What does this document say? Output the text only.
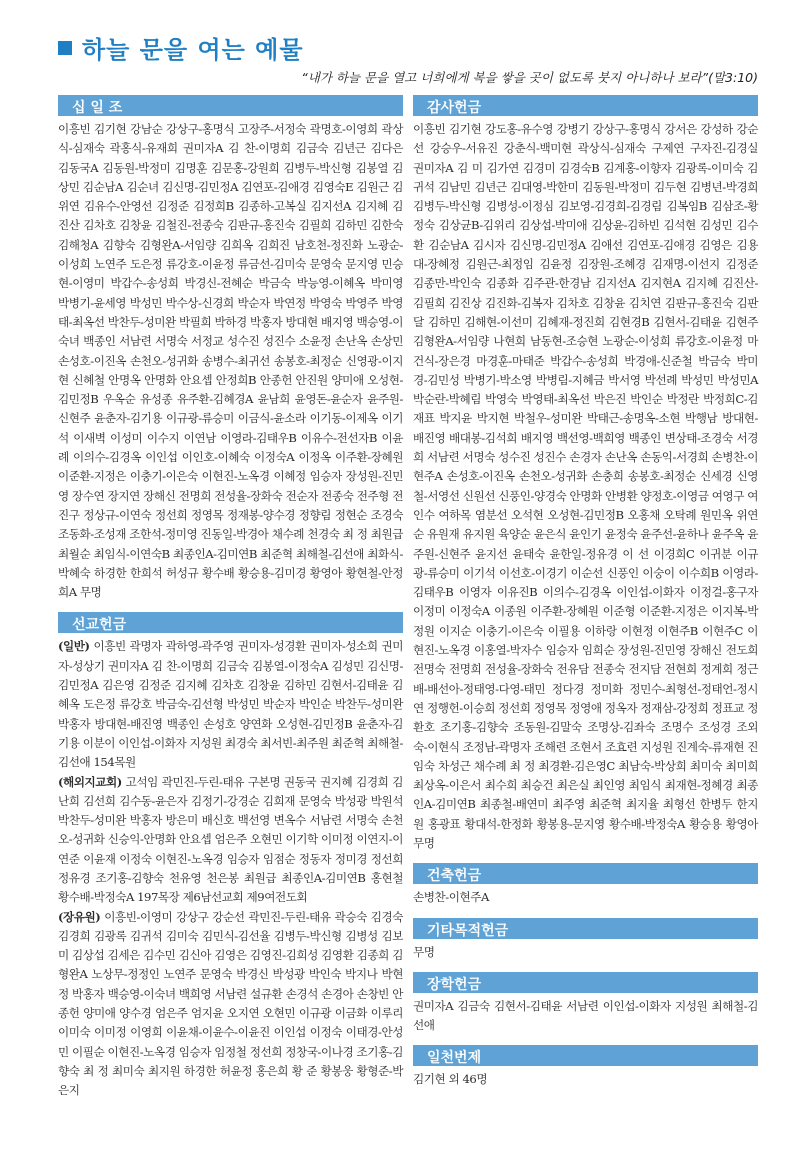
하늘 문을 여는 예물
“내가 하늘 문을 열고 너희에게 복을 쌓을 곳이 없도록 붓지 아니하나 보라”(말3:10)
십 일 조
이흥빈 김기현 강남순 강상구-홍명식 고장주-서정숙 곽명호-이영희 곽상식-심재숙 곽홍식-유재희 권미자A 김 찬-이명희 김금숙 김년근 김다은 김동국A 김동원-박정미 김명훈 김문홍-강원희 김병두-박신형 김봉열 김상민 김순남A 김순녀 김신명-김민정A 김연포-김애경 김영숙E 김원근 김위연 김유수-안영선 김정준 김정희B 김종하-고복실 김지선A 김지혜 김진산 김차호 김창윤 김철진-전종숙 김판규-홍진숙 김필희 김하민 김한숙 김해청A 김향숙 김형완A-서임량 김희옥 김희진 남호천-정진화 노광순-이성희 노연주 도은정 류강호-이윤정 류금선-김미숙 문영숙 문지영 민승현-이영미 박갑수-송성희 박경신-전혜순 박금숙 박능영-이혜옥 박미영 박병기-윤세영 박성민 박수상-신경희 박순자 박연정 박영숙 박영주 박영태-최옥선 박찬두-성미완 박필희 박하경 박홍자 방대현 배지영 백승영-이숙녀 백종인 서남련 서명숙 서정교 성수진 성진수 소윤정 손난옥 손상민 손성호-이진옥 손천오-성귀화 송병수-최귀선 송봉호-최정순 신영광-이지현 신혜철 안명옥 안명화 안요셉 안정희B 안종헌 안진원 양미애 오성현-김민정B 우옥순 유성종 유주환-김혜경A 윤남희 윤영돈-윤순자 윤주원-신현주 윤춘자-김기용 이규광-류승미 이금식-윤소라 이기동-이제옥 이기석 이새벽 이성미 이수지 이연남 이영라-김태우B 이유수-전선자B 이윤례 이의수-김경옥 이인섭 이인호-이혜숙 이정숙A 이정옥 이주환-장혜원 이준환-지정은 이충기-이은숙 이현진-노옥경 이혜정 임승자 장성원-진민영 장수연 장지연 장해신 전명희 전성율-장화숙 전순자 전종숙 전주형 전진구 정상규-이연숙 정선희 정영목 정재봉-양수경 정향림 정현순 조경숙 조동화-조성재 조한석-정미영 진동일-박경아 채수례 천경숙 최 정 최원급 최월순 최임식-이연숙B 최종인A-김미연B 최준혁 최해철-김선애 최화식-박혜숙 하경한 한희석 허성규 황수배 황승용-김미경 황영아 황현철-안정희A 무명
선교헌금
(일반) 이흥빈 곽명자 곽하영-곽주영 권미자-성경환 권미자-성소희 권미자-성상기 권미자A 김 찬-이명희 김금숙 김봉열-이정숙A 김성민 김신명-김민정A 김은영 김정준 김지혜 김차호 김창윤 김하민 김현서-김태윤 김혜옥 도은정 류강호 박금숙-김선형 박성민 박순자 박인순 박찬두-성미완 박홍자 방대현-배진영 백종인 손성호 양연화 오성현-김민정B 윤춘자-김기용 이분이 이인섭-이화자 지성원 최경숙 최서빈-최주원 최준혁 최해철-김선애 154목원
(해외지교회) 고석임 곽민진-두린-태유 구본명 권동국 권지혜 김경희 김난희 김선희 김수동-윤은자 김정기-강경순 김희재 문영숙 박성광 박원석 박찬두-성미완 박홍자 방은미 배신호 백선영 변옥수 서남련 서명숙 손천오-성귀화 신승익-안명화 안요셉 엄은주 오현민 이기학 이미정 이연지-이연준 이윤재 이정숙 이현진-노옥경 임승자 임점순 정동자 정미경 정선희 정유경 조기홍-김향숙 천유영 천은봉 최원급 최종인A-김미연B 홍현철 황수배-박정숙A 197목장 제6남선교회 제9여전도회
(장유원) 이흥빈-이영미 강상구 강순선 곽민진-두린-태유 곽승숙 김경숙 김경희 김광록 김귀석 김미숙 김민식-김선율 김병두-박신형 김병성 김보미 김상섭 김세은 김수민 김신아 김영은 김영진-김희성 김영환 김종희 김형완A 노상무-정정인 노연주 문영숙 박경신 박성광 박인숙 박지나 박현정 박홍자 백승영-이숙녀 백희영 서남련 설규환 손경석 손경아 손창빈 안종헌 양미애 양수경 엄은주 엄지윤 오지연 오현민 이규광 이금화 이루리 이미숙 이미정 이영희 이윤채-이윤수-이윤진 이인섭 이정숙 이태경-안성민 이필순 이현진-노옥경 임승자 임정철 정선희 정창국-이나경 조기홍-김향숙 최 정 최미숙 최지원 하경한 허윤정 홍은희 황 준 황봉웅 황형준-박은지
감사헌금
이흥빈 김기현 강도홍-유수영 강병기 강상구-홍명식 강서은 강성하 강순선 강승우-서유진 강춘식-백미현 곽상식-심재숙 구제연 구자진-김경실 권미자A 김 미 김가연 김경미 김경숙B 김계홍-이향자 김광록-이미숙 김귀석 김남민 김년근 김대영-박한미 김동원-박정미 김두현 김병년-박경희 김병두-박신형 김병성-이정심 김보영-김경희-김경림 김복임B 김삼조-황정숙 김상균B-김위리 김상섭-박미애 김상윤-김하빈 김석현 김성민 김수환 김순남A 김시자 김신명-김민정A 김애선 김연포-김애경 김영은 김용대-장혜정 김원근-최정임 김윤정 김장원-조혜경 김재명-이선지 김정준 김종만-박인숙 김종화 김주관-한경남 김지선A 김지현A 김지혜 김진산-김필희 김진상 김진화-김복자 김차호 김창윤 김치연 김판규-홍진숙 김판달 김하민 김해현-이선미 김혜재-정진희 김현경B 김현서-김태윤 김현주 김형완A-서임량 나현희 남동현-조승현 노광순-이성희 류강호-이윤정 마건식-장은경 마경훈-마태준 박갑수-송성희 박경애-신준철 박금숙 박미경-김민성 박병기-박소영 박병림-지혜금 박서영 박선례 박성민 박성민A 박순란-박혜림 박영숙 박영태-최옥선 박은진 박인순 박정란 박정희C-김재표 박지윤 박지현 박철우-성미완 박태근-송명옥-소현 박행남 방대현-배진영 배대봉-김석희 배지영 백선영-백희영 백종인 변상태-조경숙 서경희 서남련 서명숙 성수진 성진수 손경자 손난옥 손동익-서경희 손병찬-이현주A 손성호-이진옥 손천오-성귀화 손충희 송봉호-최정순 신세경 신영철-서영선 신원선 신풍인-양경숙 안명화 안병환 양정호-이영금 여영구 여인수 여하목 염분선 오석현 오성현-김민정B 오홍채 오탁례 원민옥 위연순 유원재 유지원 육양순 윤은식 윤인기 윤정숙 윤주선-윤하나 윤주옥 윤주원-신현주 윤지선 윤태숙 윤한일-정유경 이 선 이경희C 이귀분 이규광-류승미 이기석 이선호-이경기 이순선 신풍인 이숭이 이수희B 이영라-김태우B 이영자 이유진B 이의수-김경옥 이인섭-이화자 이정걸-홍구자 이정미 이정숙A 이종원 이주환-장혜원 이준형 이준환-지정은 이지복-박정원 이지순 이충기-이은숙 이필용 이하랑 이현정 이현주B 이현주C 이현진-노옥경 이홍열-박자수 임승자 임희순 장성원-진민영 장해신 전도희 전명숙 전명희 전성율-장화숙 전유담 전종숙 전지담 전현희 정계희 정근배-배선아-정태영-다영-태민 정다경 정미화 정민수-최형선-정태언-정시연 정행헌-이승희 정선희 정영목 정영애 정옥자 정재삼-강정희 정표교 정환호 조기홍-김향숙 조동원-김말숙 조명상-김좌숙 조명수 조성경 조외숙-이현식 조정남-곽명자 조해련 조현서 조효련 지성원 진계숙-류재현 진임숙 차성근 채수례 최 정 최경환-김은영C 최남숙-박상희 최미숙 최미희 최상옥-이은서 최수희 최승건 최은실 최인영 최임식 최재현-정혜경 최종인A-김미연B 최종철-배연미 최주영 최준혁 최지율 최형선 한병두 한지원 홍광표 황대석-한정화 황봉용-문지영 황수배-박정숙A 황승용 황영아 무명
건축헌금
손병찬-이현주A
기타목적헌금
무명
장학헌금
권미자A 김금숙 김현서-김태윤 서남련 이인섭-이화자 지성원 최해철-김선애
일천번제
김기현 외 46명
